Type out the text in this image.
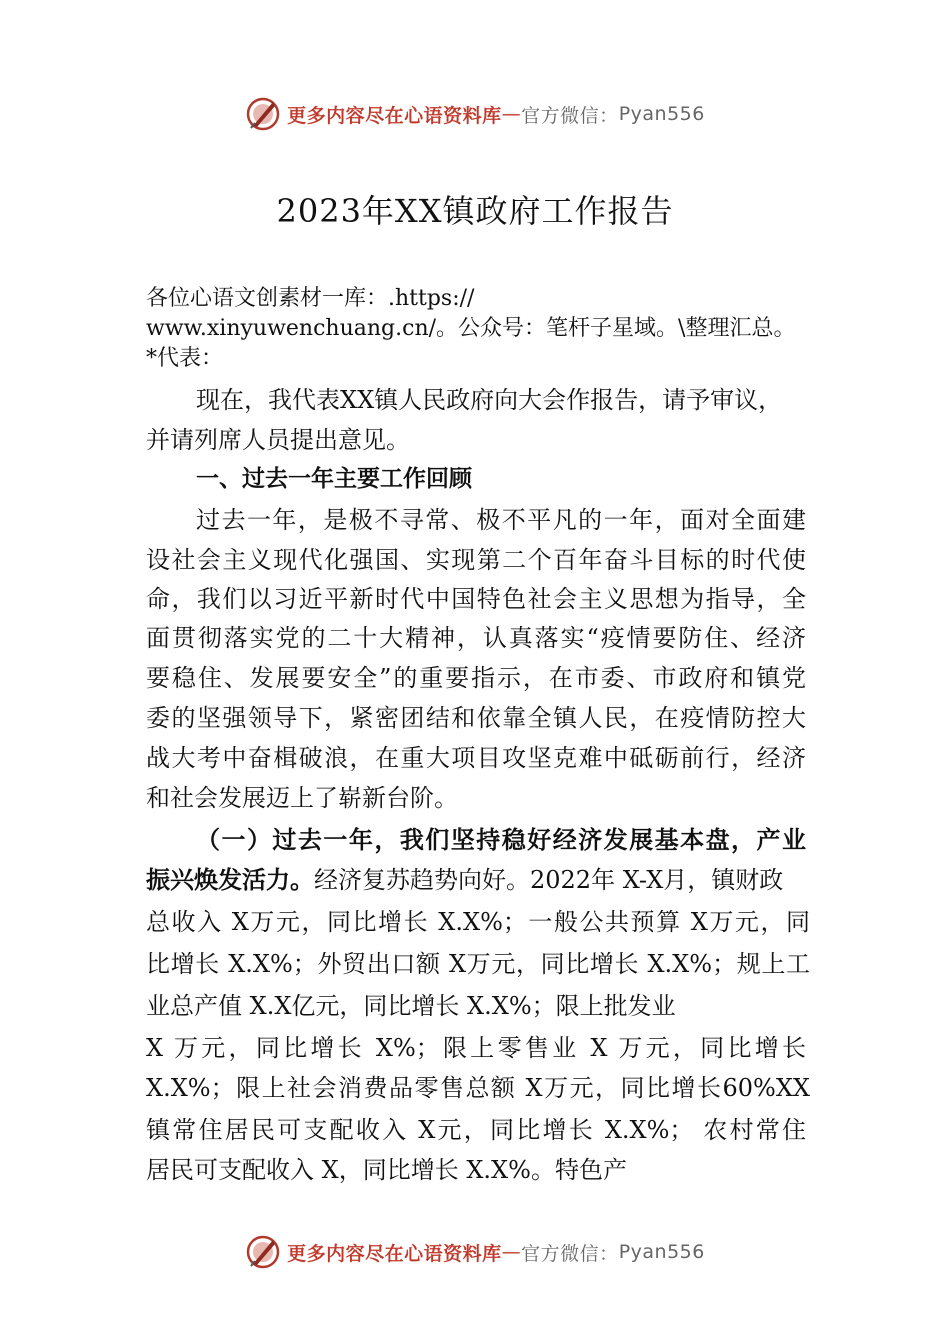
更多内容尽在心语资料库 — 官方微信： Pyan556
2023年XX镇政府工作报告
各位心语文创素材一库：.https://
www.xinyuwenchuang.cn/。公众号：笔杆子星域。\整理汇总。
*代表：
现在，我代表XX镇人民政府向大会作报告，请予审议，
并请列席人员提出意见。
一、过去一年主要工作回顾
过去一年，是极不寻常、极不平凡的一年，面对全面建
设社会主义现代化强国、实现第二个百年奋斗目标的时代使
命，我们以习近平新时代中国特色社会主义思想为指导，全
面贯彻落实党的二十大精神，认真落实“疫情要防住、经济
要稳住、发展要安全”的重要指示，在市委、市政府和镇党
委的坚强领导下，紧密团结和依靠全镇人民，在疫情防控大
战大考中奋楫破浪，在重大项目攻坚克难中砥砺前行，经济
和社会发展迈上了崭新台阶。
（一）过去一年，我们坚持稳好经济发展基本盘，产业
振兴焕发活力。经济复苏趋势向好。2022年 X-X月，镇财政
总收入 X万元，同比增长 X.X%；一般公共预算 X万元，同
比增长 X.X%；外贸出口额 X万元，同比增长 X.X%；规上工
业总产值 X.X亿元，同比增长 X.X%；限上批发业
X 万元，同比增长 X%；限上零售业 X 万元，同比增长
X.X%；限上社会消费品零售总额 X万元，同比增长60%XX
镇常住居民可支配收入 X元，同比增长 X.X%； 农村常住
居民可支配收入 X，同比增长 X.X%。特色产
更多内容尽在心语资料库 — 官方微信： Pyan556
